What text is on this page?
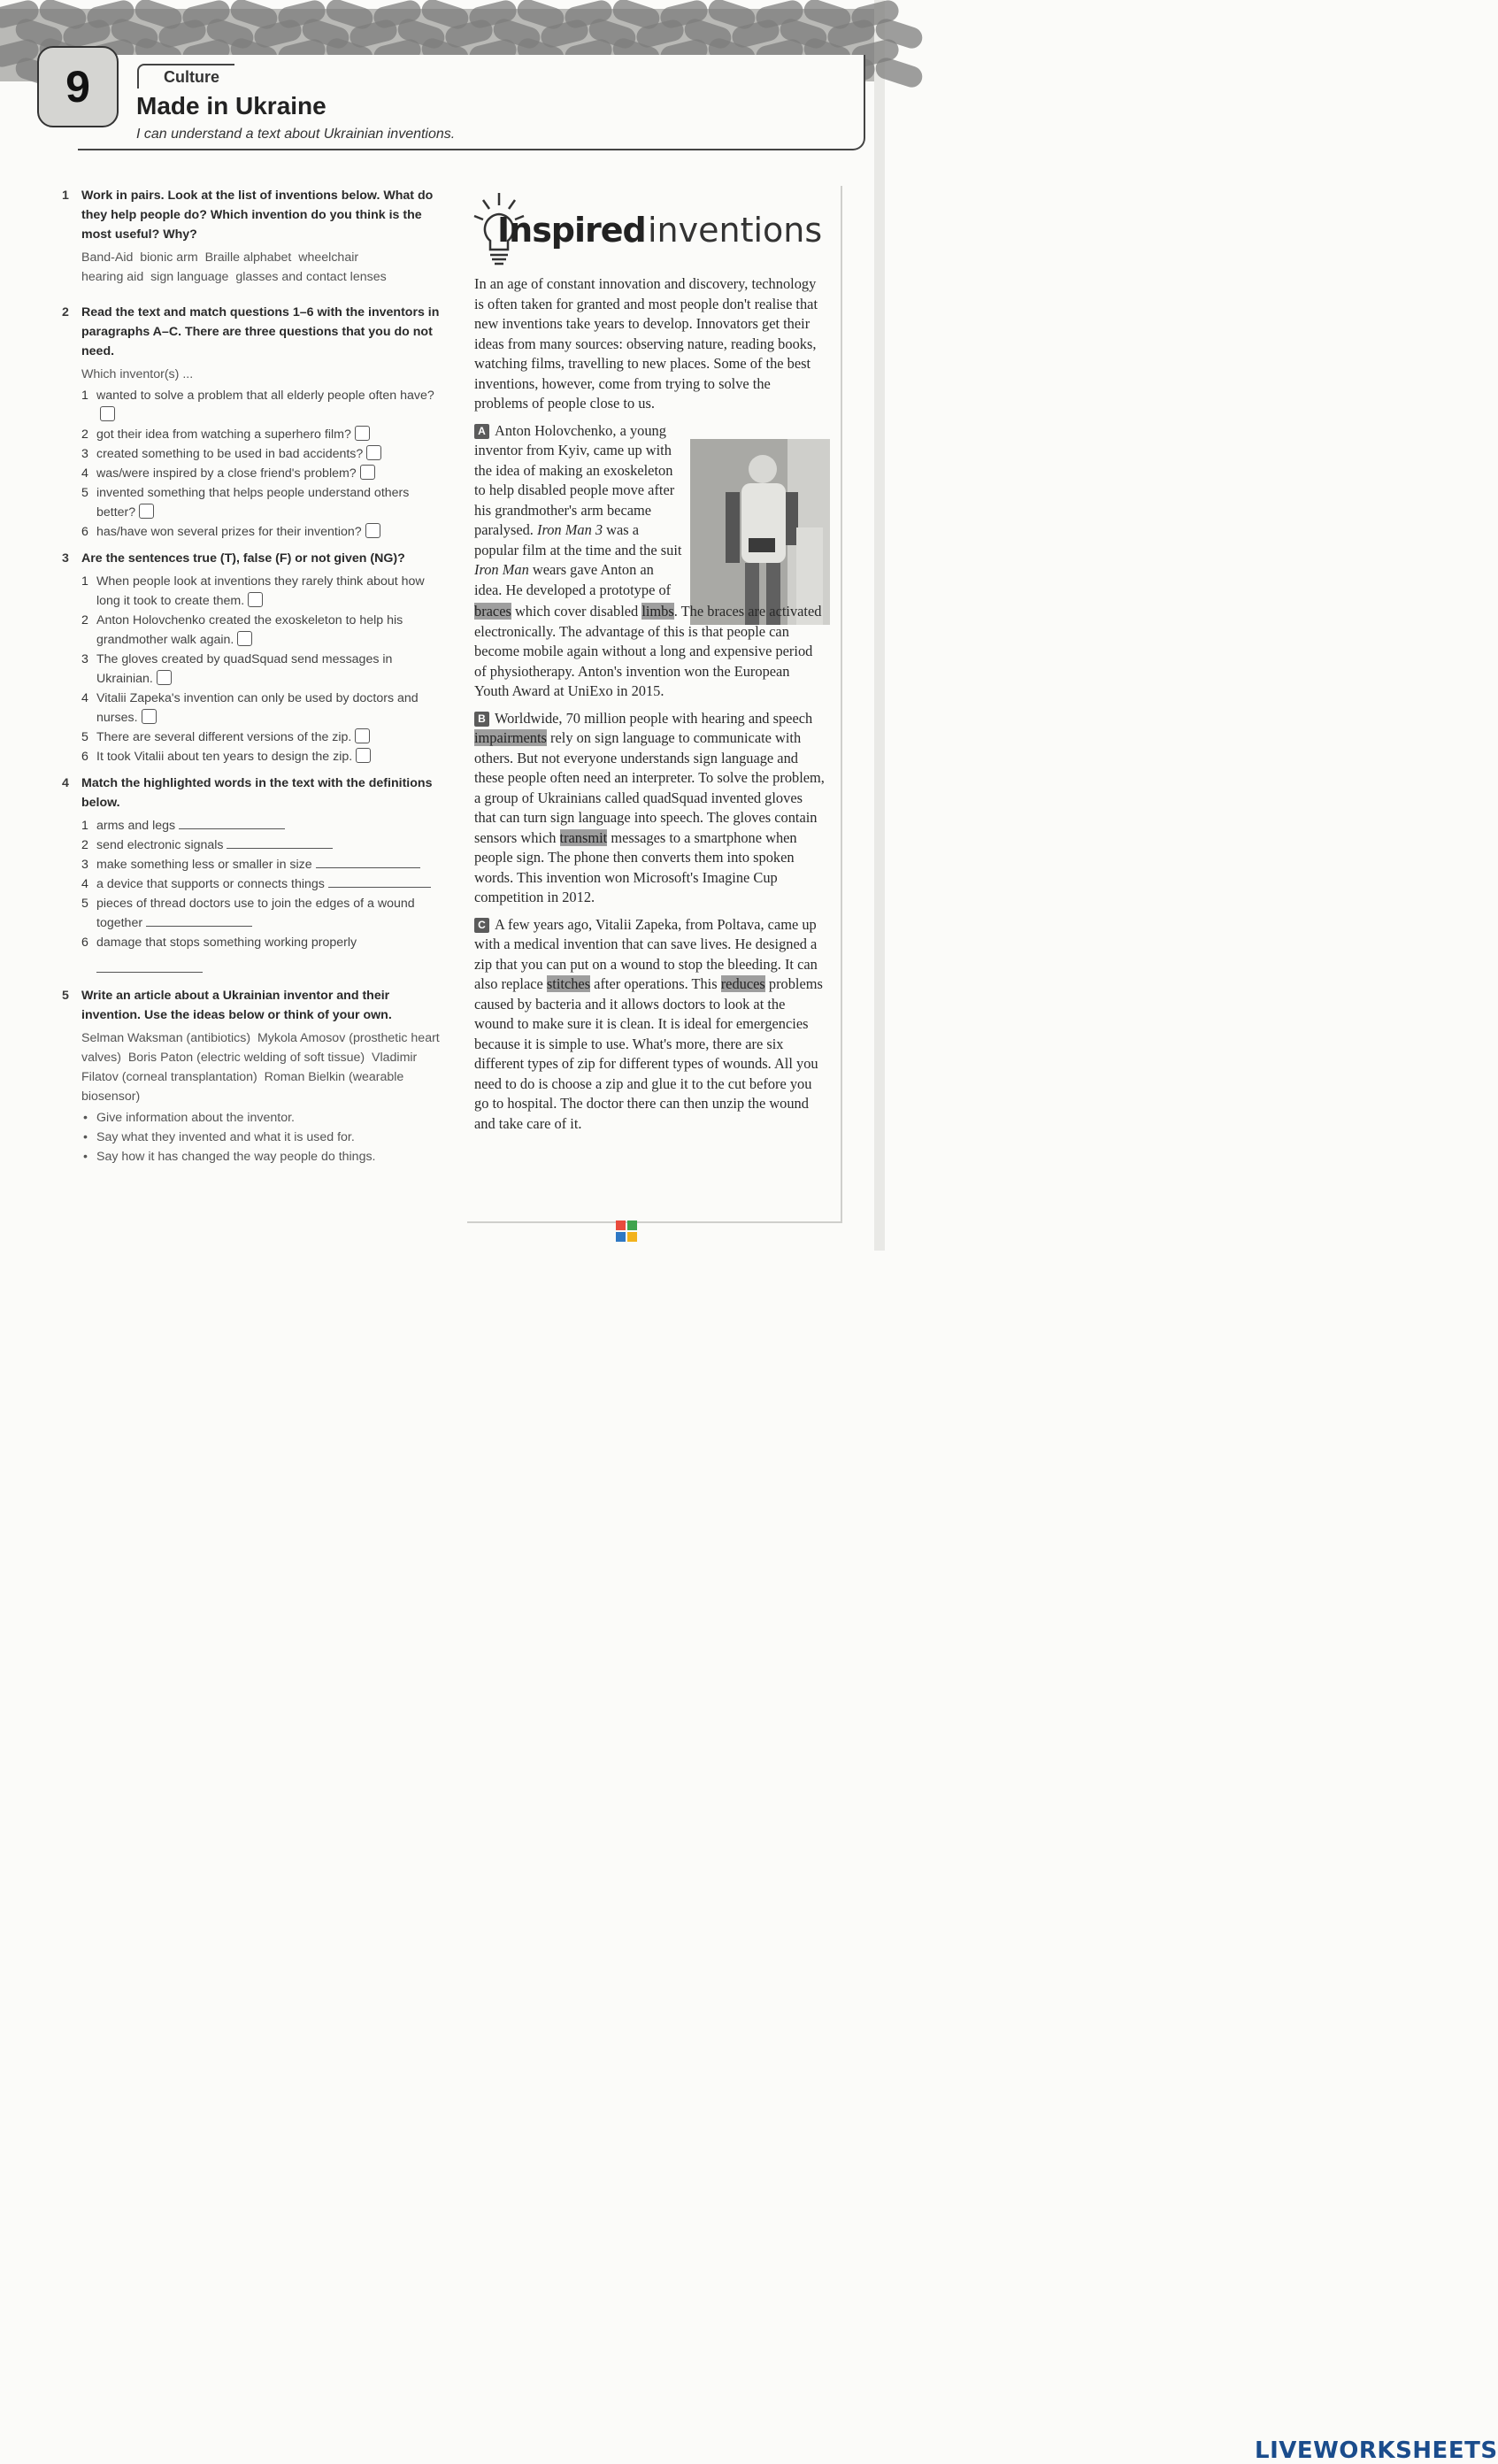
9	Culture
Made in Ukraine
I can understand a text about Ukrainian inventions.
1 Work in pairs. Look at the list of inventions below. What do they help people do? Which invention do you think is the most useful? Why?
Band-Aid  bionic arm  Braille alphabet  wheelchair
hearing aid  sign language  glasses and contact lenses
2 Read the text and match questions 1–6 with the inventors in paragraphs A–C. There are three questions that you do not need.
Which inventor(s) ...
1 wanted to solve a problem that all elderly people often have?
2 got their idea from watching a superhero film?
3 created something to be used in bad accidents?
4 was/were inspired by a close friend's problem?
5 invented something that helps people understand others better?
6 has/have won several prizes for their invention?
3 Are the sentences true (T), false (F) or not given (NG)?
1 When people look at inventions they rarely think about how long it took to create them.
2 Anton Holovchenko created the exoskeleton to help his grandmother walk again.
3 The gloves created by quadSquad send messages in Ukrainian.
4 Vitalii Zapeka's invention can only be used by doctors and nurses.
5 There are several different versions of the zip.
6 It took Vitalii about ten years to design the zip.
4 Match the highlighted words in the text with the definitions below.
1 arms and legs
2 send electronic signals
3 make something less or smaller in size
4 a device that supports or connects things
5 pieces of thread doctors use to join the edges of a wound together
6 damage that stops something working properly

5 Write an article about a Ukrainian inventor and their invention. Use the ideas below or think of your own.
Selman Waksman (antibiotics)  Mykola Amosov (prosthetic heart valves)  Boris Paton (electric welding of soft tissue)  Vladimir Filatov (corneal transplantation)  Roman Bielkin (wearable biosensor)
• Give information about the inventor.
• Say what they invented and what it is used for.
• Say how it has changed the way people do things.
Inspired inventions
In an age of constant innovation and discovery, technology is often taken for granted and most people don't realise that new inventions take years to develop. Innovators get their ideas from many sources: observing nature, reading books, watching films, travelling to new places. Some of the best inventions, however, come from trying to solve the problems of people close to us.
A Anton Holovchenko, a young inventor from Kyiv, came up with the idea of making an exoskeleton to help disabled people move after his grandmother's arm became paralysed. Iron Man 3 was a popular film at the time and the suit Iron Man wears gave Anton an idea. He developed a prototype of
braces which cover disabled limbs. The braces are activated electronically. The advantage of this is that people can become mobile again without a long and expensive period of physiotherapy. Anton's invention won the European Youth Award at UniExo in 2015.
B Worldwide, 70 million people with hearing and speech impairments rely on sign language to communicate with others. But not everyone understands sign language and these people often need an interpreter. To solve the problem, a group of Ukrainians called quadSquad invented gloves that can turn sign language into speech. The gloves contain sensors which transmit messages to a smartphone when people sign. The phone then converts them into spoken words. This invention won Microsoft's Imagine Cup competition in 2012.
C A few years ago, Vitalii Zapeka, from Poltava, came up with a medical invention that can save lives. He designed a zip that you can put on a wound to stop the bleeding. It can also replace stitches after operations. This reduces problems caused by bacteria and it allows doctors to look at the wound to make sure it is clean. It is ideal for emergencies because it is simple to use. What's more, there are six different types of zip for different types of wounds. All you need to do is choose a zip and glue it to the cut before you go to hospital. The doctor there can then unzip the wound and take care of it.
LIVEWORKSHEETS
